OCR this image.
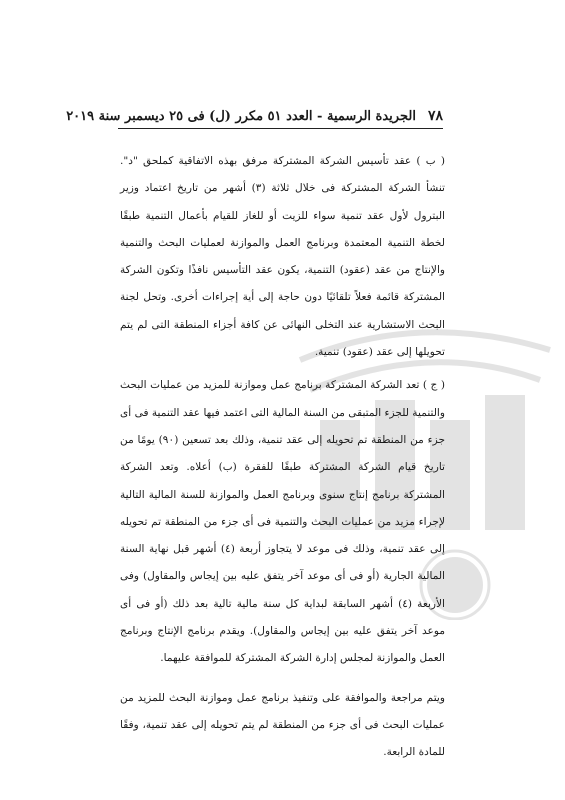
٧٨
الجريدة الرسمية - العدد ٥١ مكرر (ل) فى ٢٥ ديسمبر سنة ٢٠١٩

( ب ) عقد تأسيس الشركة المشتركة مرفق بهذه الاتفاقية كملحق "د". تنشأ الشركة المشتركة فى خلال ثلاثة (٣) أشهر من تاريخ اعتماد وزير البترول لأول عقد تنمية سواء للزيت أو للغاز للقيام بأعمال التنمية طبقًا لخطة التنمية المعتمدة وبرنامج العمل والموازنة لعمليات البحث والتنمية والإنتاج من عقد (عقود) التنمية، يكون عقد التأسيس نافذًا وتكون الشركة المشتركة قائمة فعلاً تلقائيًا دون حاجة إلى أية إجراءات أخرى. وتحل لجنة البحث الاستشارية عند التخلى النهائى عن كافة أجزاء المنطقة التى لم يتم تحويلها إلى عقد (عقود) تنمية.

( ج ) تعد الشركة المشتركة برنامج عمل وموازنة للمزيد من عمليات البحث والتنمية للجزء المتبقى من السنة المالية التى اعتمد فيها عقد التنمية فى أى جزء من المنطقة تم تحويله إلى عقد تنمية، وذلك بعد تسعين (٩٠) يومًا من تاريخ قيام الشركة المشتركة طبقًا للفقرة (ب) أعلاه. وتعد الشركة المشتركة برنامج إنتاج سنوى وبرنامج العمل والموازنة للسنة المالية التالية لإجراء مزيد من عمليات البحث والتنمية فى أى جزء من المنطقة تم تحويله إلى عقد تنمية، وذلك فى موعد لا يتجاوز أربعة (٤) أشهر قبل نهاية السنة المالية الجارية (أو فى أى موعد آخر يتفق عليه بين إيجاس والمقاول) وفى الأربعة (٤) أشهر السابقة لبداية كل سنة مالية تالية بعد ذلك (أو فى أى موعد آخر يتفق عليه بين إيجاس والمقاول). ويقدم برنامج الإنتاج وبرنامج العمل والموازنة لمجلس إدارة الشركة المشتركة للموافقة عليهما.

ويتم مراجعة والموافقة على وتنفيذ برنامج عمل وموازنة البحث للمزيد من عمليات البحث فى أى جزء من المنطقة لم يتم تحويله إلى عقد تنمية، وفقًا للمادة الرابعة.
